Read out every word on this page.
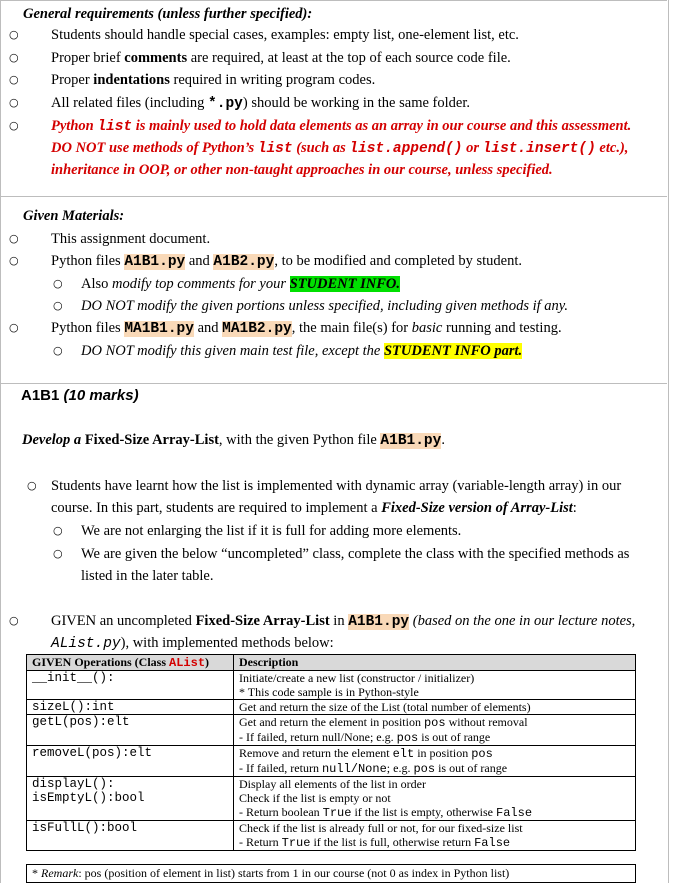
General requirements (unless further specified):
○ Students should handle special cases, examples: empty list, one-element list, etc.
○ Proper brief comments are required, at least at the top of each source code file.
○ Proper indentations required in writing program codes.
○ All related files (including *.py) should be working in the same folder.
○ Python list is mainly used to hold data elements as an array in our course and this assessment.
DO NOT use methods of Python’s list (such as list.append() or list.insert() etc.),
inheritance in OOP, or other non-taught approaches in our course, unless specified.
Given Materials:
○ This assignment document.
○ Python files A1B1.py and A1B2.py, to be modified and completed by student.
○ Also modify top comments for your STUDENT INFO.
○ DO NOT modify the given portions unless specified, including given methods if any.
○ Python files MA1B1.py and MA1B2.py, the main file(s) for basic running and testing.
○ DO NOT modify this given main test file, except the STUDENT INFO part.
A1B1 (10 marks)
Develop a Fixed-Size Array-List, with the given Python file A1B1.py.
○ Students have learnt how the list is implemented with dynamic array (variable-length array) in our
course. In this part, students are required to implement a Fixed-Size version of Array-List:
○ We are not enlarging the list if it is full for adding more elements.
○ We are given the below “uncompleted” class, complete the class with the specified methods as
listed in the later table.
○ GIVEN an uncompleted Fixed-Size Array-List in A1B1.py (based on the one in our lecture notes,
AList.py), with implemented methods below:
GIVEN Operations (Class AList)	Description
__init__():	Initiate/create a new list (constructor / initializer)
* This code sample is in Python-style

sizeL():int	Get and return the size of the List (total number of elements)
getL(pos):elt	Get and return the element in position pos without removal
- If failed, return null/None; e.g. pos is out of range

removeL(pos):elt	Remove and return the element elt in position pos
- If failed, return null/None; e.g. pos is out of range

displayL():	Display all elements of the list in order
isEmptyL():bool	Check if the list is empty or not
- Return boolean True if the list is empty, otherwise False

isFullL():bool	Check if the list is already full or not, for our fixed-size list
- Return True if the list is full, otherwise return False
* Remark: pos (position of element in list) starts from 1 in our course (not 0 as index in Python list)
